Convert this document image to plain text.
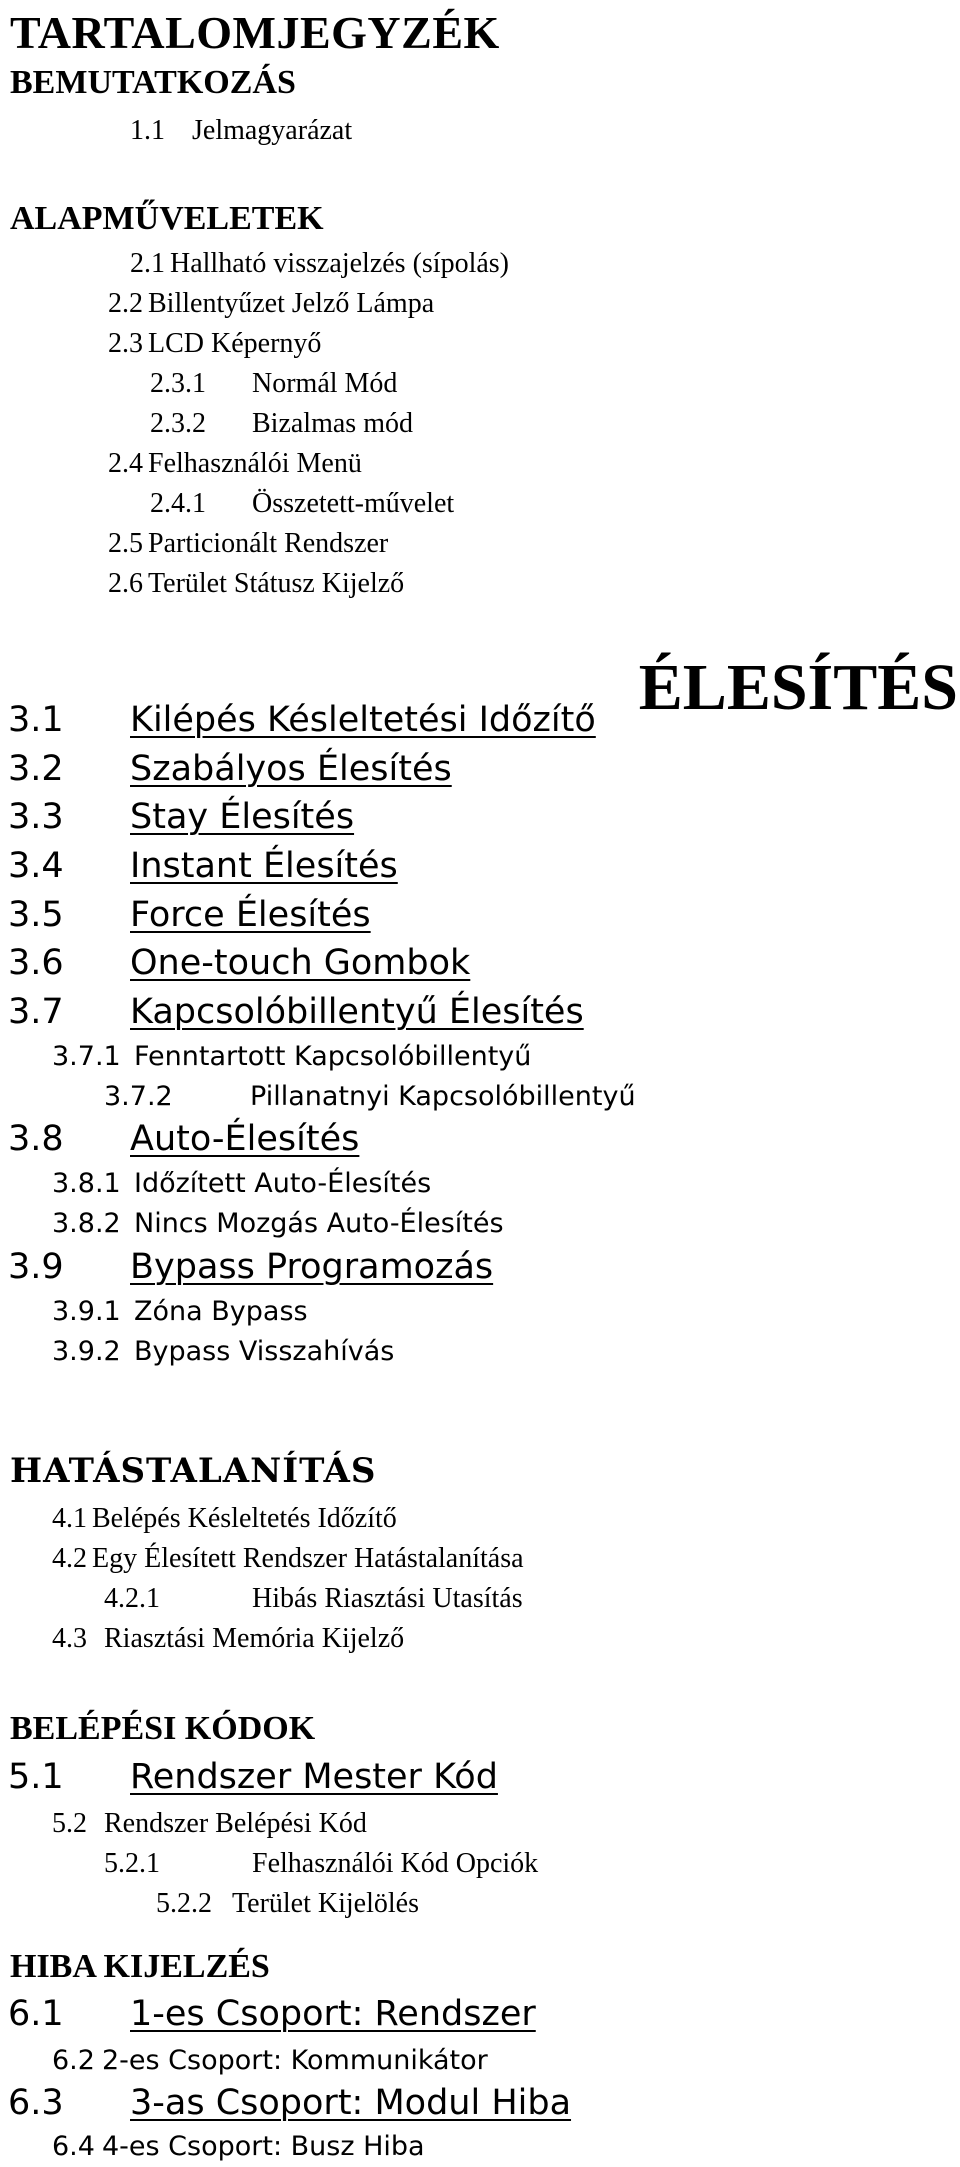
TARTALOMJEGYZÉK
BEMUTATKOZÁS
1.1 Jelmagyarázat
ALAPMŰVELETEK
2.1 Hallható visszajelzés (sípolás)
2.2 Billentyűzet Jelző Lámpa
2.3 LCD Képernyő
2.3.1 Normál Mód
2.3.2 Bizalmas mód
2.4 Felhasználói Menü
2.4.1 Összetett-művelet
2.5 Particionált Rendszer
2.6 Terület Státusz Kijelző
ÉLESÍTÉS
3.1 Kilépés Késleltetési Időzítő
3.2 Szabályos Élesítés
3.3 Stay Élesítés
3.4 Instant Élesítés
3.5 Force Élesítés
3.6 One-touch Gombok
3.7 Kapcsolóbillentyű Élesítés
3.7.1 Fenntartott Kapcsolóbillentyű
3.7.2	Pillanatnyi Kapcsolóbillentyű
3.8 Auto-Élesítés
3.8.1 Időzített Auto-Élesítés
3.8.2 Nincs Mozgás Auto-Élesítés
3.9 Bypass Programozás
3.9.1 Zóna Bypass
3.9.2 Bypass Visszahívás
HATÁSTALANÍTÁS
4.1 Belépés Késleltetés Időzítő
4.2 Egy Élesített Rendszer Hatástalanítása
4.2.1	Hibás Riasztási Utasítás
4.3 Riasztási Memória Kijelző
BELÉPÉSI KÓDOK
5.1 Rendszer Mester Kód
5.2 Rendszer Belépési Kód
5.2.1	Felhasználói Kód Opciók
5.2.2 Terület Kijelölés
HIBA KIJELZÉS
6.1 1-es Csoport: Rendszer
6.2 2-es Csoport: Kommunikátor
6.3 3-as Csoport: Modul Hiba
6.4 4-es Csoport: Busz Hiba
